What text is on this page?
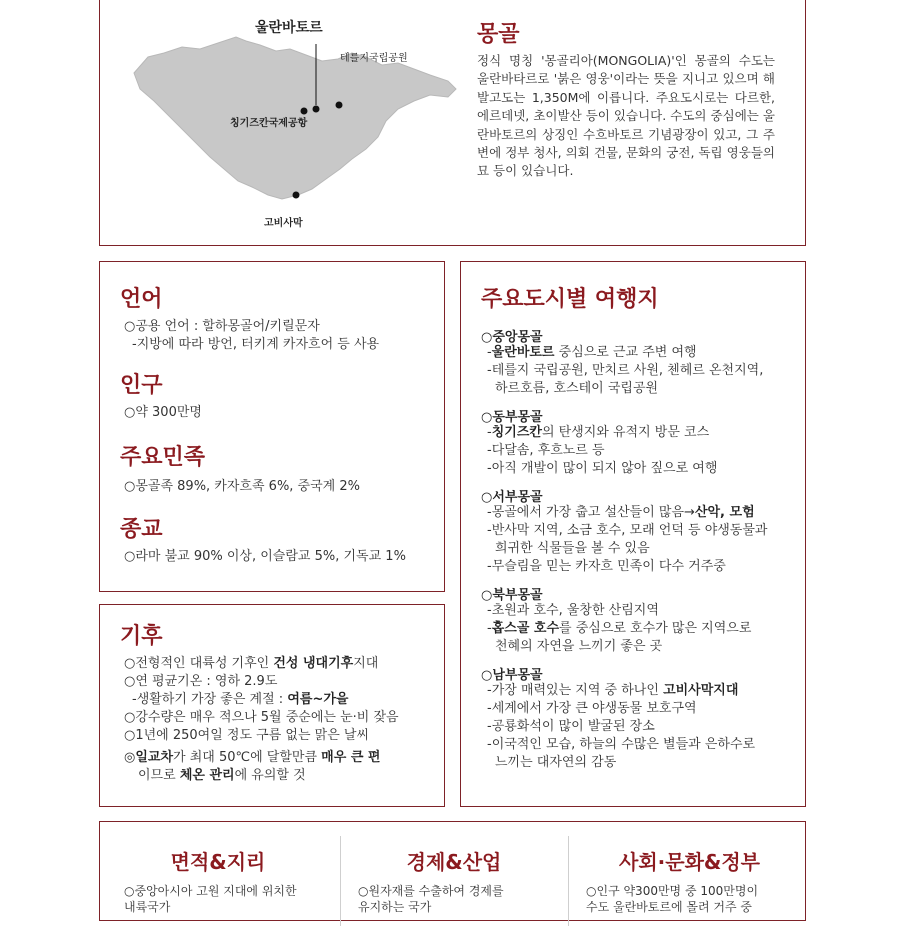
울란바토르
테를지국립공원
칭기즈칸국제공항
고비사막
몽골
정식 명칭 '몽골리아(MONGOLIA)'인 몽골의 수도는 울란바타르로 '붉은 영웅'이라는 뜻을 지니고 있으며 해발고도는 1,350M에 이릅니다. 주요도시로는 다르한, 에르데넷, 초이발산 등이 있습니다. 수도의 중심에는 울란바토르의 상징인 수흐바토르 기념광장이 있고, 그 주변에 정부 청사, 의회 건물, 문화의 궁전, 독립 영웅들의 묘 등이 있습니다.
언어
○공용 언어 : 할하몽골어/키릴문자
-지방에 따라 방언, 터키계 카자흐어 등 사용
인구
○약 300만명
주요민족
○몽골족 89%, 카자흐족 6%, 중국계 2%
종교
○라마 불교 90% 이상, 이슬람교 5%, 기독교 1%
기후
○전형적인 대륙성 기후인 건성 냉대기후지대
○연 평균기온 : 영하 2.9도
-생활하기 가장 좋은 계절 : 여름~가을
○강수량은 매우 적으나 5월 중순에는 눈·비 잦음
○1년에 250여일 정도 구름 없는 맑은 날씨
◎일교차가 최대 50℃에 달할만큼 매우 큰 편
이므로 체온 관리에 유의할 것
주요도시별 여행지
○중앙몽골
-울란바토르 중심으로 근교 주변 여행
-테를지 국립공원, 만치르 사원, 첸헤르 온천지역,
하르호름, 호스테이 국립공원
○동부몽골
-칭기즈칸의 탄생지와 유적지 방문 코스
-다달솜, 후흐노르 등
-아직 개발이 많이 되지 않아 짚으로 여행
○서부몽골
-몽골에서 가장 춥고 설산들이 많음→산악, 모험
-반사막 지역, 소금 호수, 모래 언덕 등 야생동물과
희귀한 식물들을 볼 수 있음
-무슬림을 믿는 카자흐 민족이 다수 거주중
○북부몽골
-초원과 호수, 울창한 산림지역
-홉스골 호수를 중심으로 호수가 많은 지역으로
천혜의 자연을 느끼기 좋은 곳
○남부몽골
-가장 매력있는 지역 중 하나인 고비사막지대
-세계에서 가장 큰 야생동물 보호구역
-공룡화석이 많이 발굴된 장소
-이국적인 모습, 하늘의 수많은 별들과 은하수로
느끼는 대자연의 감동
면적&지리
○중앙아시아 고원 지대에 위치한
내륙국가
경제&산업
○원자재를 수출하여 경제를
유지하는 국가
사회·문화&정부
○인구 약300만명 중 100만명이
수도 울란바토르에 몰려 거주 중
